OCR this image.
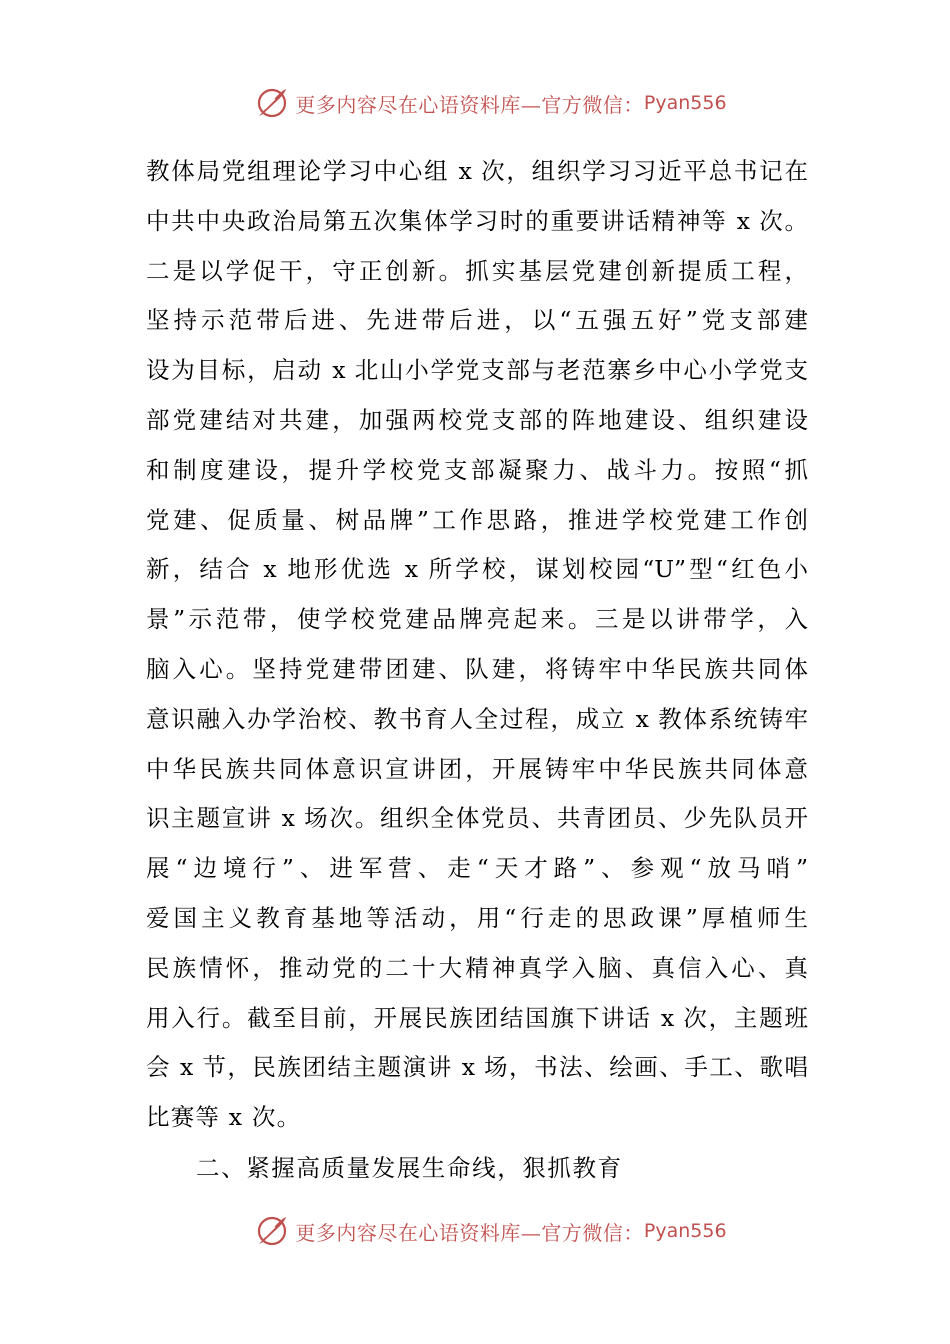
更多内容尽在心语资料库—官方微信： Pyan556
教体局党组理论学习中心组 x 次，组织学习习近平总书记在
中共中央政治局第五次集体学习时的重要讲话精神等 x 次。
二是以学促干，守正创新。抓实基层党建创新提质工程，
坚持示范带后进、先进带后进，以“五强五好”党支部建
设为目标，启动 x 北山小学党支部与老范寨乡中心小学党支
部党建结对共建，加强两校党支部的阵地建设、组织建设
和制度建设，提升学校党支部凝聚力、战斗力。按照“抓
党建、促质量、树品牌”工作思路，推进学校党建工作创
新，结合 x 地形优选 x 所学校，谋划校园“U”型“红色小
景”示范带，使学校党建品牌亮起来。三是以讲带学，入
脑入心。坚持党建带团建、队建，将铸牢中华民族共同体
意识融入办学治校、教书育人全过程，成立 x 教体系统铸牢
中华民族共同体意识宣讲团，开展铸牢中华民族共同体意
识主题宣讲 x 场次。组织全体党员、共青团员、少先队员开
展“边境行”、进军营、走“天才路”、参观“放马哨”
爱国主义教育基地等活动，用“行走的思政课”厚植师生
民族情怀，推动党的二十大精神真学入脑、真信入心、真
用入行。截至目前，开展民族团结国旗下讲话 x 次，主题班
会 x 节，民族团结主题演讲 x 场，书法、绘画、手工、歌唱
比赛等 x 次。
二、紧握高质量发展生命线，狠抓教育
更多内容尽在心语资料库—官方微信： Pyan556
